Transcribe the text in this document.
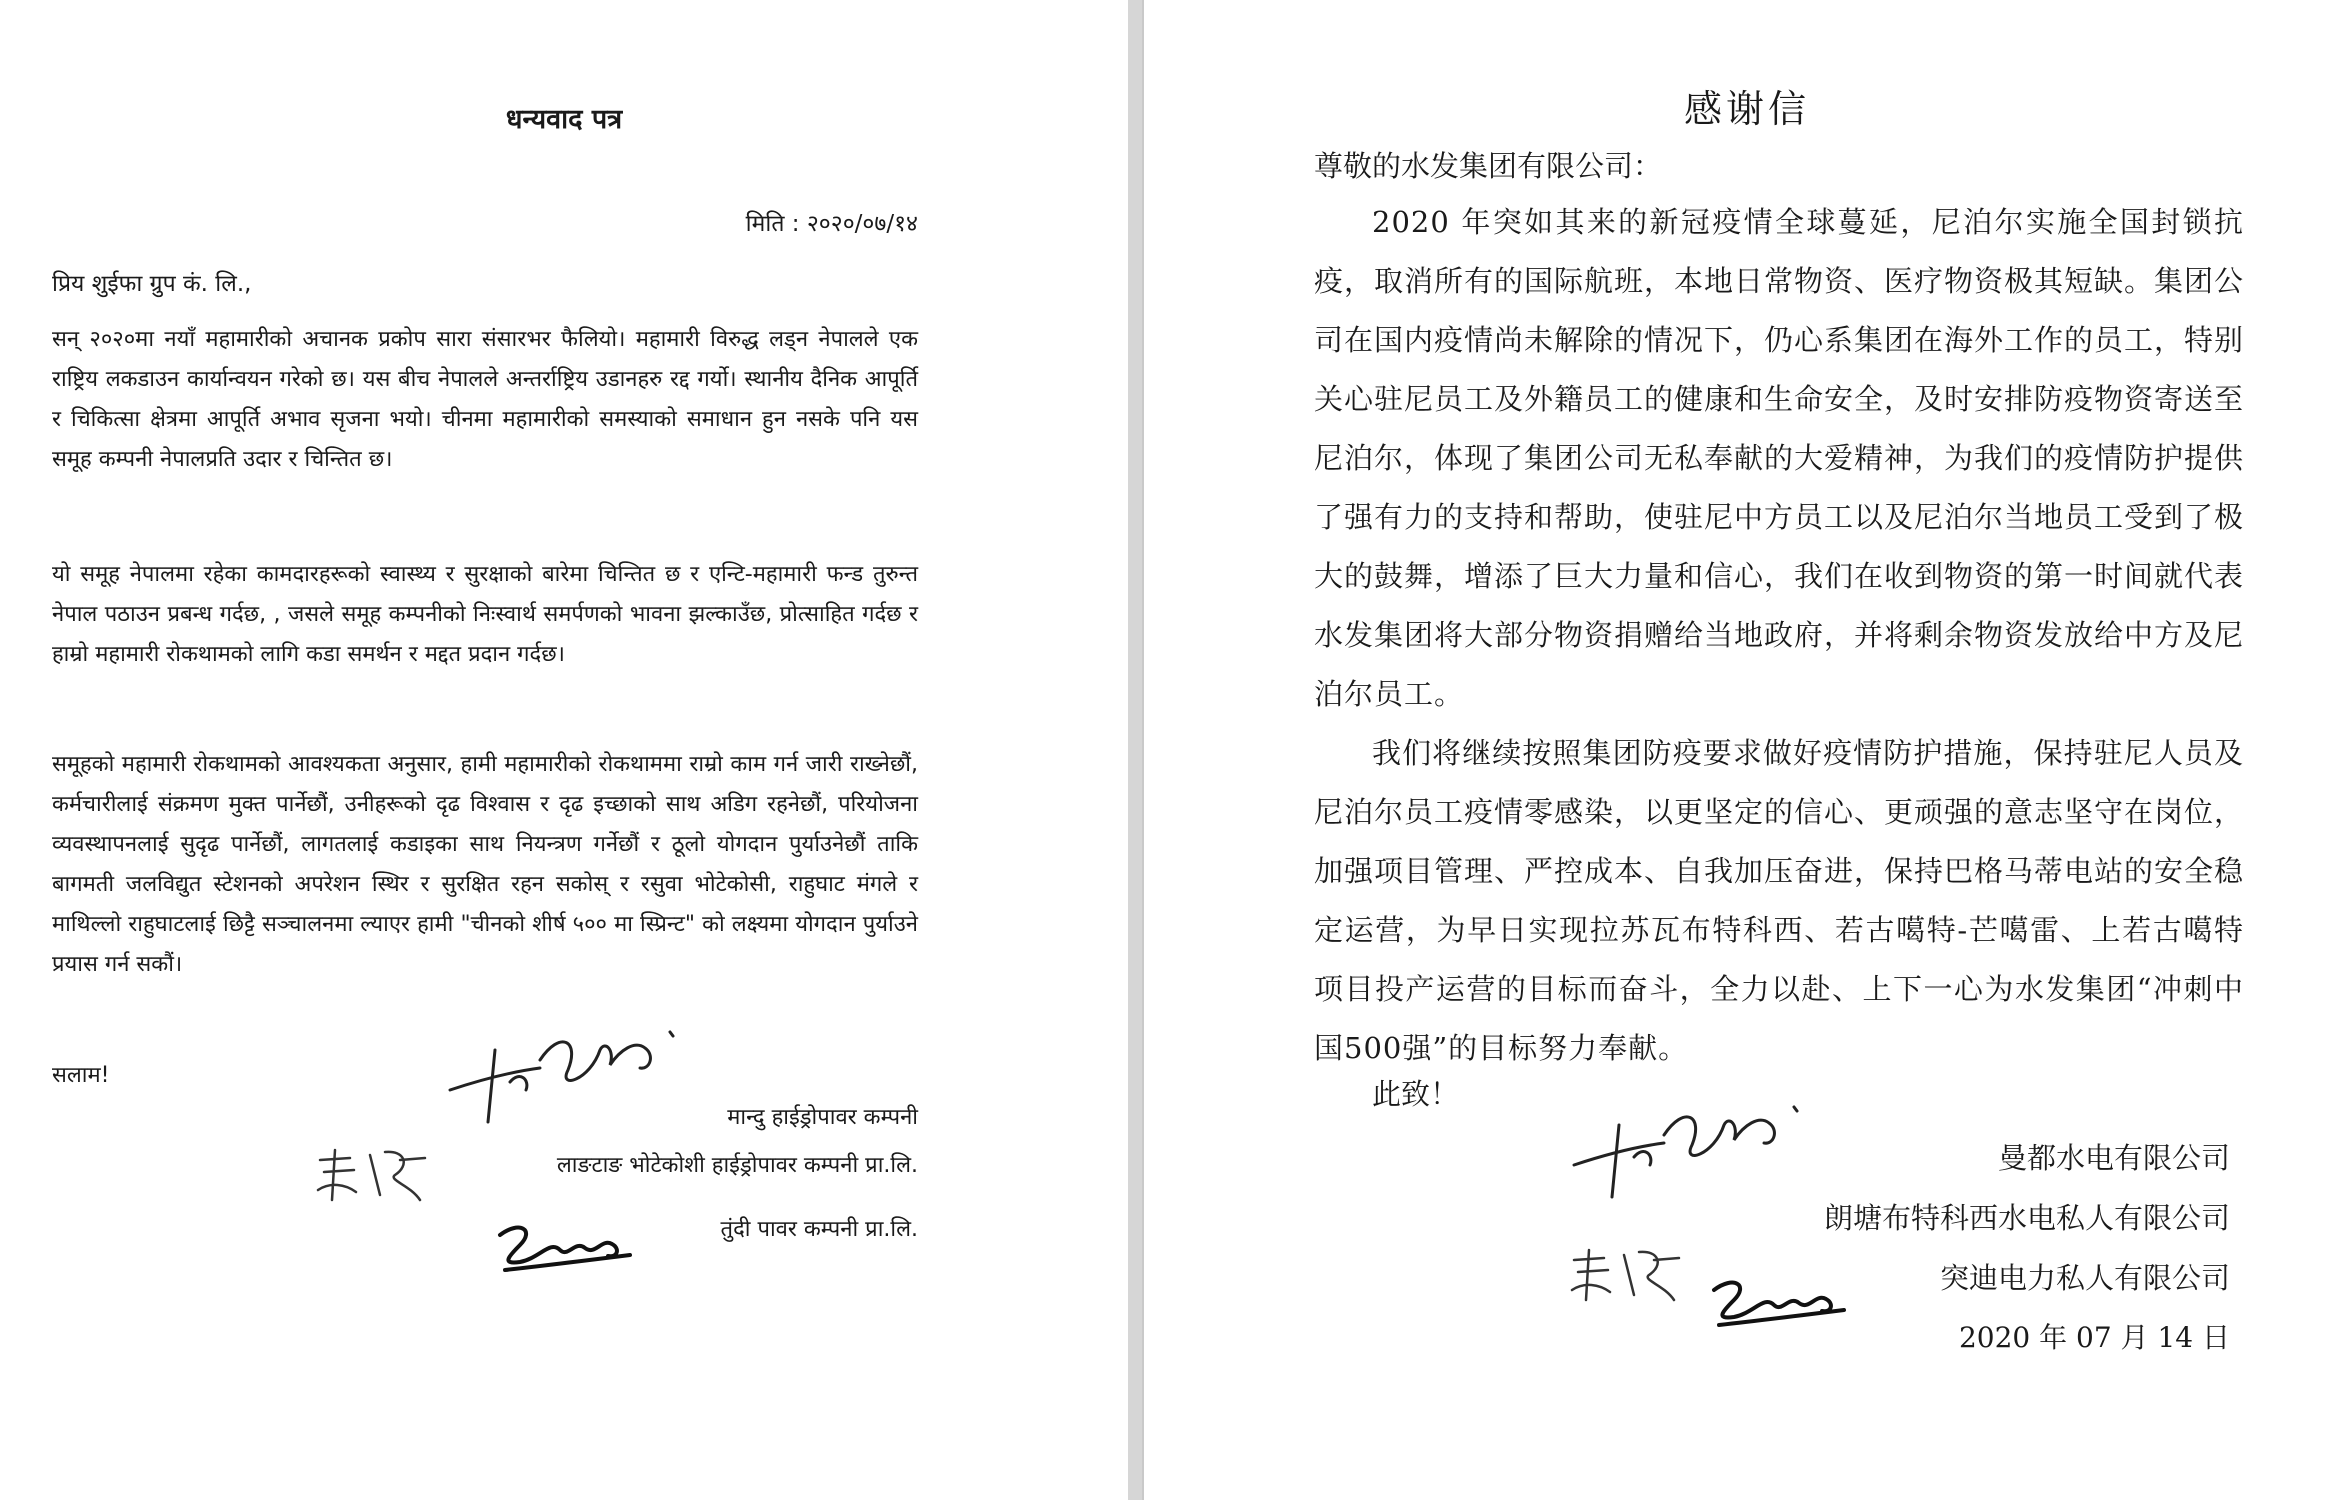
धन्यवाद पत्र
मिति : २०२०/०७/१४
प्रिय शुईफा ग्रुप कं. लि.,
सन् २०२०मा नयाँ महामारीको अचानक प्रकोप सारा संसारभर फैलियो। महामारी विरुद्ध लड्न नेपालले एक राष्ट्रिय लकडाउन कार्यान्वयन गरेको छ। यस बीच नेपालले अन्तर्राष्ट्रिय उडानहरु रद्द गर्यो। स्थानीय दैनिक आपूर्ति र चिकित्सा क्षेत्रमा आपूर्ति अभाव सृजना भयो। चीनमा महामारीको समस्याको समाधान हुन नसके पनि यस समूह कम्पनी नेपालप्रति उदार र चिन्तित छ।
यो समूह नेपालमा रहेका कामदारहरूको स्वास्थ्य र सुरक्षाको बारेमा चिन्तित छ र एन्टि-महामारी फन्ड तुरुन्त नेपाल पठाउन प्रबन्ध गर्दछ, , जसले समूह कम्पनीको निःस्वार्थ समर्पणको भावना झल्काउँछ, प्रोत्साहित गर्दछ र हाम्रो महामारी रोकथामको लागि कडा समर्थन र मद्दत प्रदान गर्दछ।
समूहको महामारी रोकथामको आवश्यकता अनुसार, हामी महामारीको रोकथाममा राम्रो काम गर्न जारी राख्नेछौं, कर्मचारीलाई संक्रमण मुक्त पार्नेछौं, उनीहरूको दृढ विश्वास र दृढ इच्छाको साथ अडिग रहनेछौं, परियोजना व्यवस्थापनलाई सुदृढ पार्नेछौं, लागतलाई कडाइका साथ नियन्त्रण गर्नेछौं र ठूलो योगदान पुर्याउनेछौं ताकि बागमती जलविद्युत स्टेशनको अपरेशन स्थिर र सुरक्षित रहन सकोस् र रसुवा भोटेकोसी, राहुघाट मंगले र माथिल्लो राहुघाटलाई छिट्टै सञ्चालनमा ल्याएर हामी "चीनको शीर्ष ५०० मा स्प्रिन्ट" को लक्ष्यमा योगदान पुर्याउने प्रयास गर्न सकौं।
सलाम!
मान्दु हाईड्रोपावर कम्पनी
लाङटाङ भोटेकोशी हाईड्रोपावर कम्पनी प्रा.लि.
तुंदी पावर कम्पनी प्रा.लि.
感谢信
尊敬的水发集团有限公司：
2020 年突如其来的新冠疫情全球蔓延，尼泊尔实施全国封锁抗疫，取消所有的国际航班，本地日常物资、医疗物资极其短缺。集团公司在国内疫情尚未解除的情况下，仍心系集团在海外工作的员工，特别关心驻尼员工及外籍员工的健康和生命安全，及时安排防疫物资寄送至尼泊尔，体现了集团公司无私奉献的大爱精神，为我们的疫情防护提供了强有力的支持和帮助，使驻尼中方员工以及尼泊尔当地员工受到了极大的鼓舞，增添了巨大力量和信心，我们在收到物资的第一时间就代表水发集团将大部分物资捐赠给当地政府，并将剩余物资发放给中方及尼泊尔员工。
我们将继续按照集团防疫要求做好疫情防护措施，保持驻尼人员及尼泊尔员工疫情零感染，以更坚定的信心、更顽强的意志坚守在岗位，加强项目管理、严控成本、自我加压奋进，保持巴格马蒂电站的安全稳定运营，为早日实现拉苏瓦布特科西、若古噶特-芒噶雷、上若古噶特项目投产运营的目标而奋斗，全力以赴、上下一心为水发集团“冲刺中国500强”的目标努力奉献。
此致！
曼都水电有限公司
朗塘布特科西水电私人有限公司
突迪电力私人有限公司
2020 年 07 月 14 日
